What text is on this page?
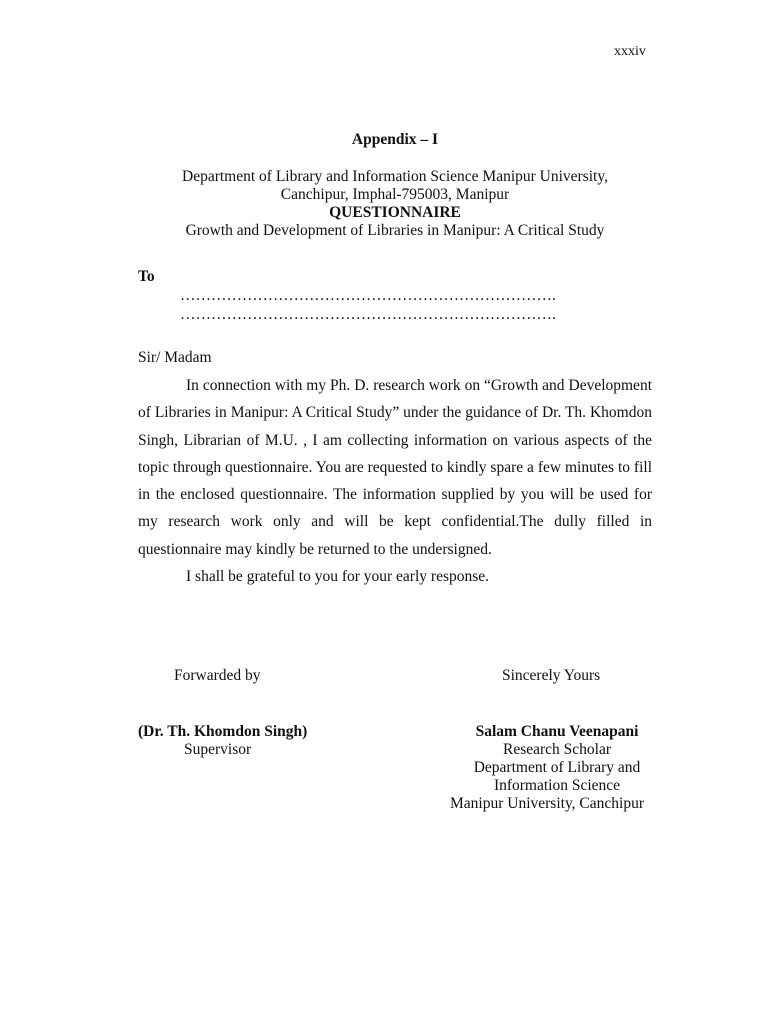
xxxiv
Appendix – I
Department of Library and Information Science Manipur University,
Canchipur, Imphal-795003, Manipur
QUESTIONNAIRE
Growth and Development of Libraries in Manipur: A Critical Study
To
……………………………………………………………….
……………………………………………………………….
Sir/ Madam

In connection with my Ph. D. research work on “Growth and Development of Libraries in Manipur: A Critical Study” under the guidance of Dr. Th. Khomdon Singh, Librarian of M.U. , I am collecting information on various aspects of the topic through questionnaire. You are requested to kindly spare a few minutes to fill in the enclosed questionnaire. The information supplied by you will be used for my research work only and will be kept confidential.The dully filled in questionnaire may kindly be returned to the undersigned.

I shall be grateful to you for your early response.

Forwarded by	Sincerely Yours
(Dr. Th. Khomdon Singh)
Supervisor
Salam Chanu Veenapani
Research Scholar
Department of Library and
Information Science
Manipur University, Canchipur
